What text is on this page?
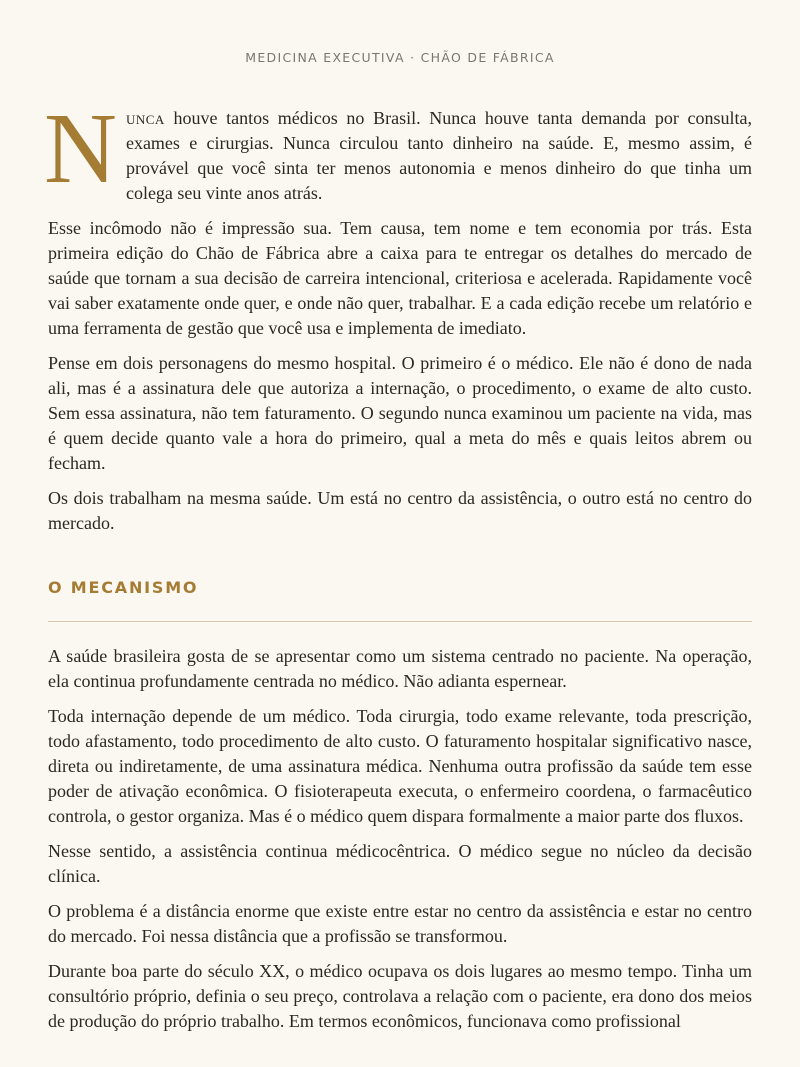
MEDICINA EXECUTIVA · CHÃO DE FÁBRICA

Nunca houve tantos médicos no Brasil. Nunca houve tanta demanda por consulta, exames e cirurgias. Nunca circulou tanto dinheiro na saúde. E, mesmo assim, é provável que você sinta ter menos autonomia e menos dinheiro do que tinha um colega seu vinte anos atrás.

Esse incômodo não é impressão sua. Tem causa, tem nome e tem economia por trás. Esta primeira edição do Chão de Fábrica abre a caixa para te entregar os detalhes do mercado de saúde que tornam a sua decisão de carreira intencional, criteriosa e acelerada. Rapidamente você vai saber exatamente onde quer, e onde não quer, trabalhar. E a cada edição recebe um relatório e uma ferramenta de gestão que você usa e implementa de imediato.

Pense em dois personagens do mesmo hospital. O primeiro é o médico. Ele não é dono de nada ali, mas é a assinatura dele que autoriza a internação, o procedimento, o exame de alto custo. Sem essa assinatura, não tem faturamento. O segundo nunca examinou um paciente na vida, mas é quem decide quanto vale a hora do primeiro, qual a meta do mês e quais leitos abrem ou fecham.

Os dois trabalham na mesma saúde. Um está no centro da assistência, o outro está no centro do mercado.

O MECANISMO

A saúde brasileira gosta de se apresentar como um sistema centrado no paciente. Na operação, ela continua profundamente centrada no médico. Não adianta espernear.

Toda internação depende de um médico. Toda cirurgia, todo exame relevante, toda prescrição, todo afastamento, todo procedimento de alto custo. O faturamento hospitalar significativo nasce, direta ou indiretamente, de uma assinatura médica. Nenhuma outra profissão da saúde tem esse poder de ativação econômica. O fisioterapeuta executa, o enfermeiro coordena, o farmacêutico controla, o gestor organiza. Mas é o médico quem dispara formalmente a maior parte dos fluxos.

Nesse sentido, a assistência continua médicocêntrica. O médico segue no núcleo da decisão clínica.

O problema é a distância enorme que existe entre estar no centro da assistência e estar no centro do mercado. Foi nessa distância que a profissão se transformou.

Durante boa parte do século XX, o médico ocupava os dois lugares ao mesmo tempo. Tinha um consultório próprio, definia o seu preço, controlava a relação com o paciente, era dono dos meios de produção do próprio trabalho. Em termos econômicos, funcionava como profissional
